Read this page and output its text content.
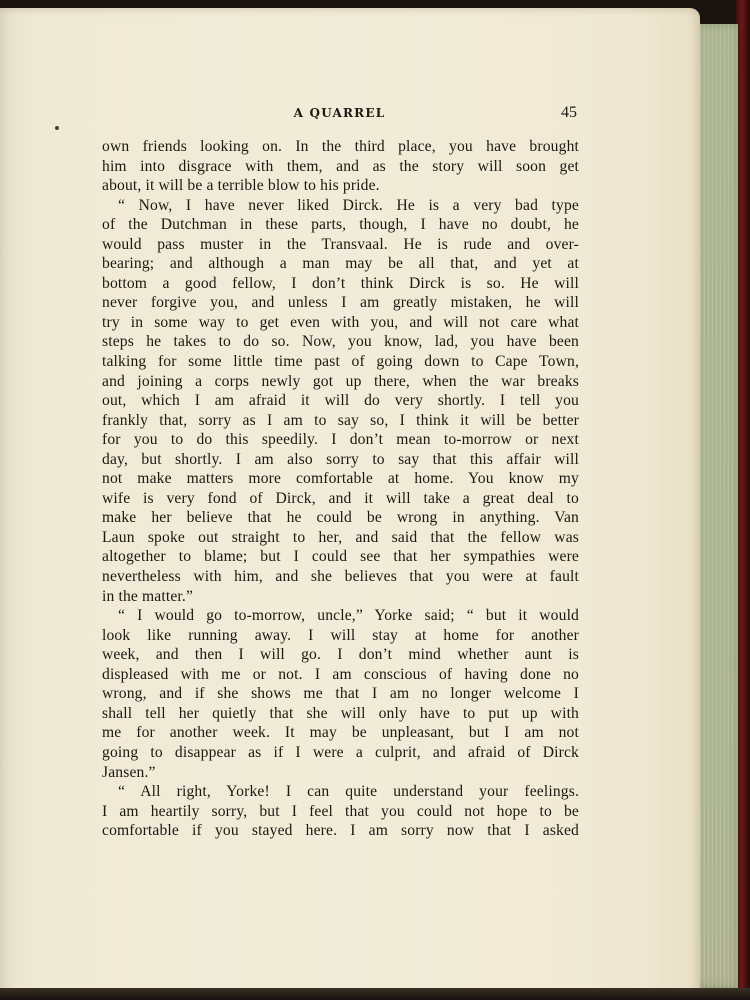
A QUARREL	45
own friends looking on. In the third place, you have brought
him into disgrace with them, and as the story will soon get
about, it will be a terrible blow to his pride.
“ Now, I have never liked Dirck. He is a very bad type
of the Dutchman in these parts, though, I have no doubt, he
would pass muster in the Transvaal. He is rude and over-
bearing; and although a man may be all that, and yet at
bottom a good fellow, I don’t think Dirck is so. He will
never forgive you, and unless I am greatly mistaken, he will
try in some way to get even with you, and will not care what
steps he takes to do so. Now, you know, lad, you have been
talking for some little time past of going down to Cape Town,
and joining a corps newly got up there, when the war breaks
out, which I am afraid it will do very shortly. I tell you
frankly that, sorry as I am to say so, I think it will be better
for you to do this speedily. I don’t mean to-morrow or next
day, but shortly. I am also sorry to say that this affair will
not make matters more comfortable at home. You know my
wife is very fond of Dirck, and it will take a great deal to
make her believe that he could be wrong in anything. Van
Laun spoke out straight to her, and said that the fellow was
altogether to blame; but I could see that her sympathies were
nevertheless with him, and she believes that you were at fault
in the matter.”
“ I would go to-morrow, uncle,” Yorke said; “ but it would
look like running away. I will stay at home for another
week, and then I will go. I don’t mind whether aunt is
displeased with me or not. I am conscious of having done no
wrong, and if she shows me that I am no longer welcome I
shall tell her quietly that she will only have to put up with
me for another week. It may be unpleasant, but I am not
going to disappear as if I were a culprit, and afraid of Dirck
Jansen.”
“ All right, Yorke! I can quite understand your feelings.
I am heartily sorry, but I feel that you could not hope to be
comfortable if you stayed here. I am sorry now that I asked
